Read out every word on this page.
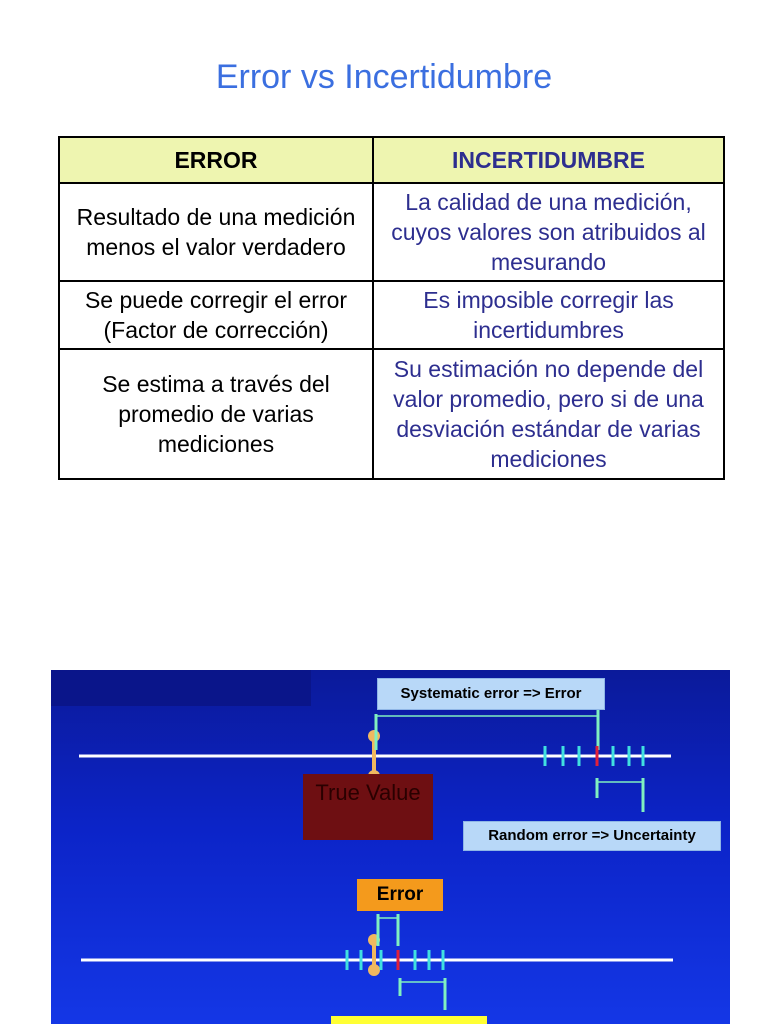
Error vs Incertidumbre
ERROR	INCERTIDUMBRE
Resultado de una medición menos el valor verdadero	La calidad de una medición, cuyos valores son atribuidos al mesurando
Se puede corregir el error (Factor de corrección)	Es imposible corregir las incertidumbres
Se estima a través del promedio de varias mediciones	Su estimación no depende del valor promedio, pero si de una desviación estándar de varias mediciones
Systematic error => Error
True Value
Random error => Uncertainty
Error
